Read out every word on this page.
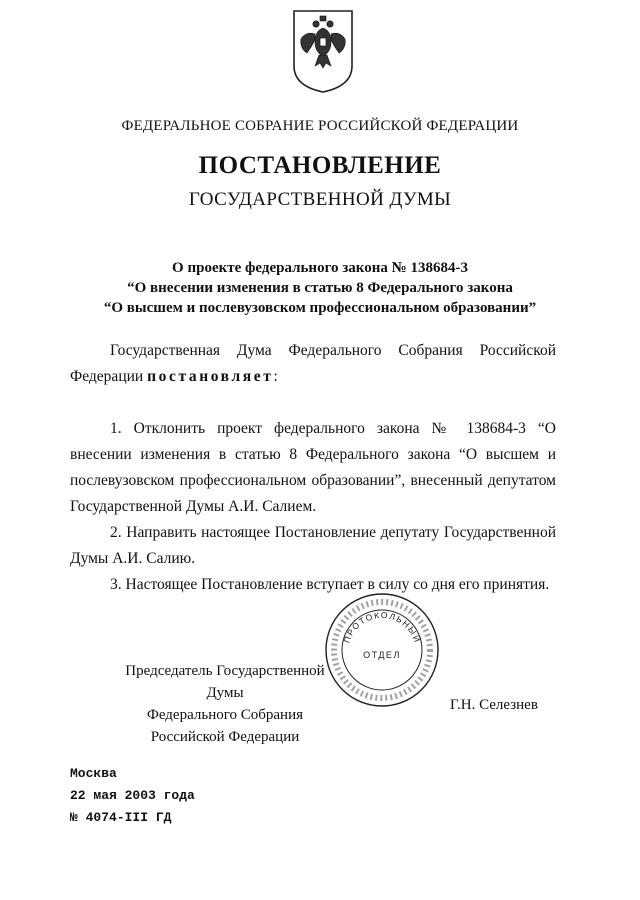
ФЕДЕРАЛЬНОЕ СОБРАНИЕ РОССИЙСКОЙ ФЕДЕРАЦИИ
ПОСТАНОВЛЕНИЕ
ГОСУДАРСТВЕННОЙ ДУМЫ
О проекте федерального закона № 138684-3
“О внесении изменения в статью 8 Федерального закона
“О высшем и послевузовском профессиональном образовании”
Государственная Дума Федерального Собрания Российской Федерации постановляет:
1. Отклонить проект федерального закона № 138684-3 “О внесении изменения в статью 8 Федерального закона “О высшем и послевузовском профессиональном образовании”, внесенный депутатом Государственной Думы А.И. Салием.
2. Направить настоящее Постановление депутату Государственной Думы А.И. Салию.
3. Настоящее Постановление вступает в силу со дня его принятия.
Председатель Государственной Думы
Федерального Собрания
Российской Федерации
ПРОТОКОЛЬНЫЙ
ОТДЕЛ
Г.Н. Селезнев
Москва
22 мая 2003 года
№ 4074-III ГД
